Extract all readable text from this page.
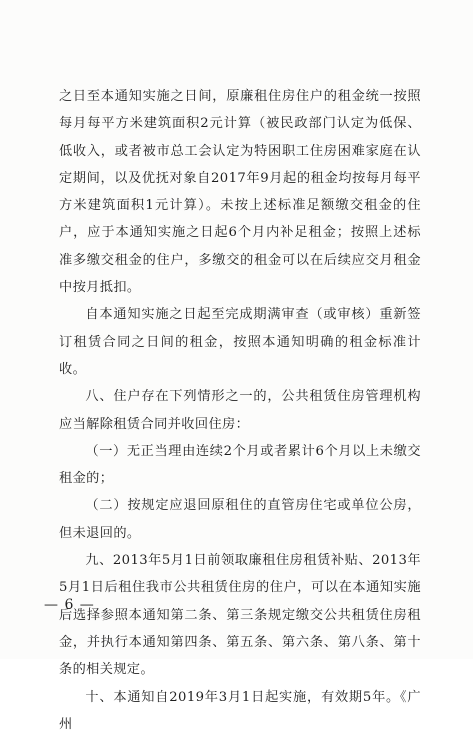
之日至本通知实施之日间，原廉租住房住户的租金统一按照每月每平方米建筑面积2元计算（被民政部门认定为低保、低收入，或者被市总工会认定为特困职工住房困难家庭在认定期间，以及优抚对象自2017年9月起的租金均按每月每平方米建筑面积1元计算）。未按上述标准足额缴交租金的住户，应于本通知实施之日起6个月内补足租金；按照上述标准多缴交租金的住户，多缴交的租金可以在后续应交月租金中按月抵扣。

自本通知实施之日起至完成期满审查（或审核）重新签订租赁合同之日间的租金，按照本通知明确的租金标准计收。

八、住户存在下列情形之一的，公共租赁住房管理机构应当解除租赁合同并收回住房：

（一）无正当理由连续2个月或者累计6个月以上未缴交租金的；

（二）按规定应退回原租住的直管房住宅或单位公房，但未退回的。

九、2013年5月1日前领取廉租住房租赁补贴、2013年5月1日后租住我市公共租赁住房的住户，可以在本通知实施后选择参照本通知第二条、第三条规定缴交公共租赁住房租金，并执行本通知第四条、第五条、第六条、第八条、第十条的相关规定。

十、本通知自2019年3月1日起实施，有效期5年。《广州

— 6 —
